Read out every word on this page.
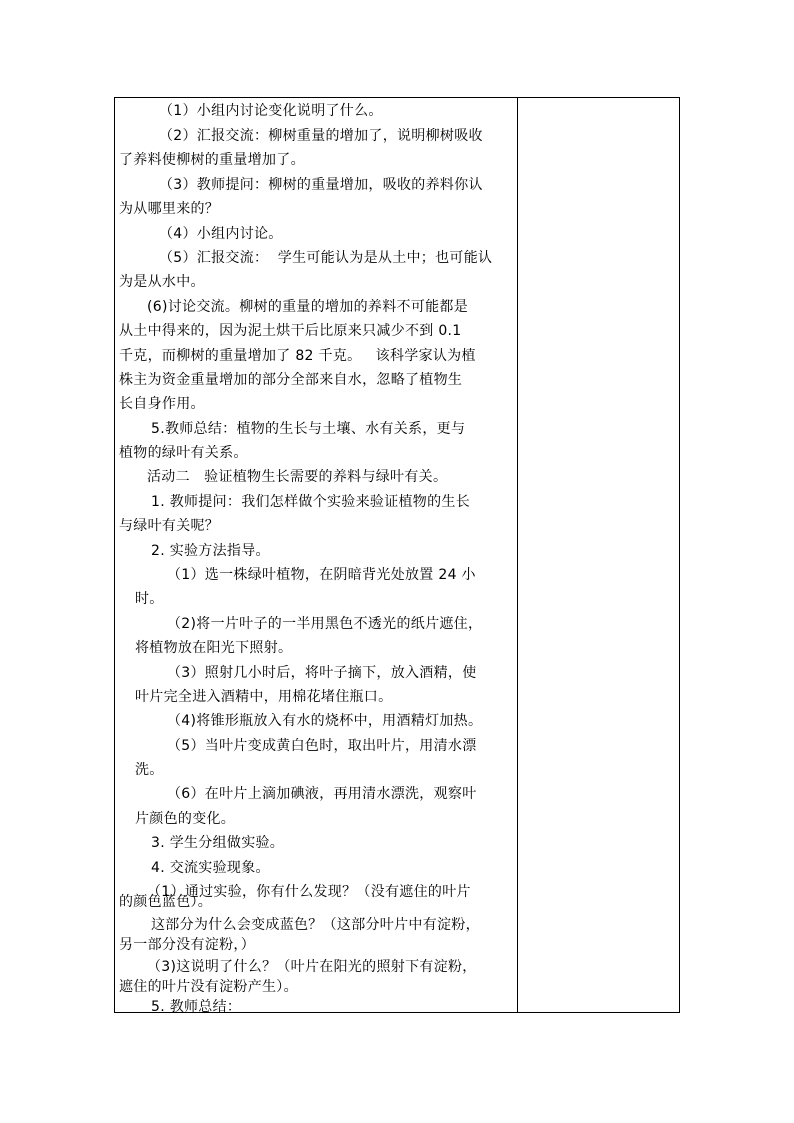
（1）小组内讨论变化说明了什么。
（2）汇报交流：柳树重量的增加了，说明柳树吸收
了养料使柳树的重量增加了。
（3）教师提问：柳树的重量增加，吸收的养料你认
为从哪里来的？
（4）小组内讨论。
（5）汇报交流：  学生可能认为是从土中；也可能认
为是从水中。
(6)讨论交流。柳树的重量的增加的养料不可能都是
从土中得来的，因为泥土烘干后比原来只减少不到 0.1
千克，而柳树的重量增加了 82 千克。   该科学家认为植
株主为资金重量增加的部分全部来自水，忽略了植物生
长自身作用。
5.教师总结：植物的生长与土壤、水有关系，更与
植物的绿叶有关系。
活动二   验证植物生长需要的养料与绿叶有关。
1. 教师提问：我们怎样做个实验来验证植物的生长
与绿叶有关呢？
2. 实验方法指导。
（1）选一株绿叶植物，在阴暗背光处放置 24 小
时。
（2)将一片叶子的一半用黑色不透光的纸片遮住，
将植物放在阳光下照射。
（3）照射几小时后，将叶子摘下，放入酒精，使
叶片完全进入酒精中，用棉花堵住瓶口。
（4)将锥形瓶放入有水的烧杯中，用酒精灯加热。
（5）当叶片变成黄白色时，取出叶片，用清水漂
洗。
（6）在叶片上滴加碘液，再用清水漂洗，观察叶
片颜色的变化。
3. 学生分组做实验。
4. 交流实验现象。
（1）通过实验，你有什么发现？（没有遮住的叶片
的颜色蓝色）。
这部分为什么会变成蓝色？（这部分叶片中有淀粉，
另一部分没有淀粉，）
（3)这说明了什么？（叶片在阳光的照射下有淀粉，
遮住的叶片没有淀粉产生）。
5. 教师总结：
